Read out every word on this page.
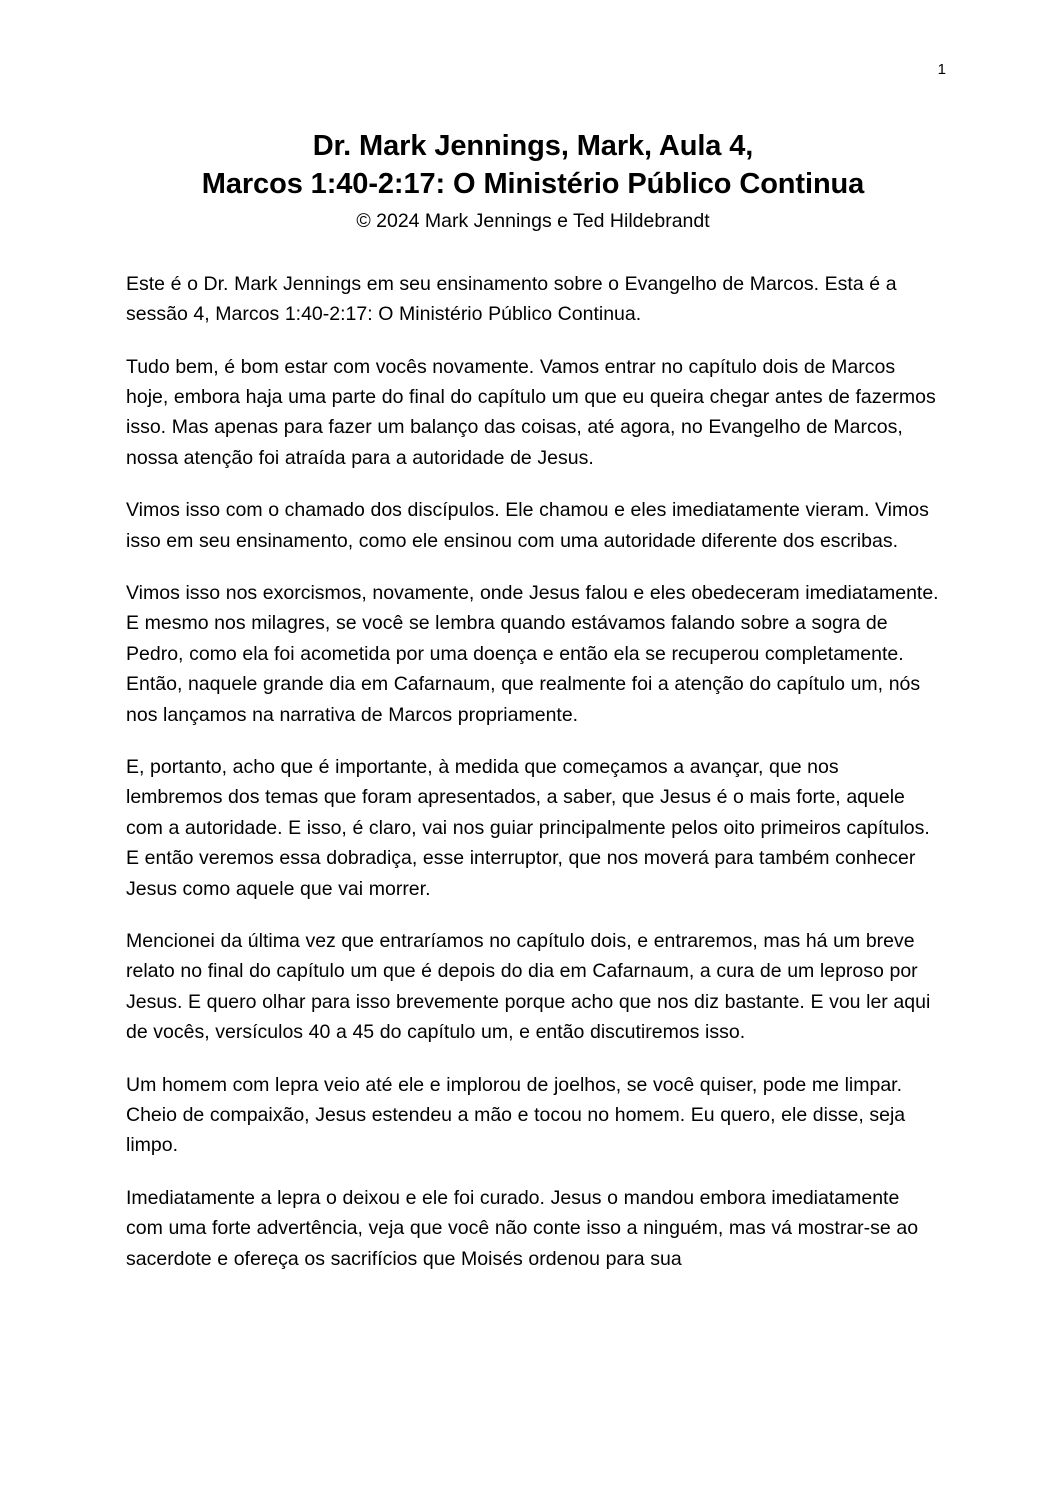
1
Dr. Mark Jennings, Mark, Aula 4,
Marcos 1:40-2:17: O Ministério Público Continua

© 2024 Mark Jennings e Ted Hildebrandt

Este é o Dr. Mark Jennings em seu ensinamento sobre o Evangelho de Marcos. Esta é a sessão 4, Marcos 1:40-2:17: O Ministério Público Continua.

Tudo bem, é bom estar com vocês novamente. Vamos entrar no capítulo dois de Marcos hoje, embora haja uma parte do final do capítulo um que eu queira chegar antes de fazermos isso. Mas apenas para fazer um balanço das coisas, até agora, no Evangelho de Marcos, nossa atenção foi atraída para a autoridade de Jesus.

Vimos isso com o chamado dos discípulos. Ele chamou e eles imediatamente vieram. Vimos isso em seu ensinamento, como ele ensinou com uma autoridade diferente dos escribas.

Vimos isso nos exorcismos, novamente, onde Jesus falou e eles obedeceram imediatamente. E mesmo nos milagres, se você se lembra quando estávamos falando sobre a sogra de Pedro, como ela foi acometida por uma doença e então ela se recuperou completamente. Então, naquele grande dia em Cafarnaum, que realmente foi a atenção do capítulo um, nós nos lançamos na narrativa de Marcos propriamente.

E, portanto, acho que é importante, à medida que começamos a avançar, que nos lembremos dos temas que foram apresentados, a saber, que Jesus é o mais forte, aquele com a autoridade. E isso, é claro, vai nos guiar principalmente pelos oito primeiros capítulos. E então veremos essa dobradiça, esse interruptor, que nos moverá para também conhecer Jesus como aquele que vai morrer.

Mencionei da última vez que entraríamos no capítulo dois, e entraremos, mas há um breve relato no final do capítulo um que é depois do dia em Cafarnaum, a cura de um leproso por Jesus. E quero olhar para isso brevemente porque acho que nos diz bastante. E vou ler aqui de vocês, versículos 40 a 45 do capítulo um, e então discutiremos isso.

Um homem com lepra veio até ele e implorou de joelhos, se você quiser, pode me limpar. Cheio de compaixão, Jesus estendeu a mão e tocou no homem. Eu quero, ele disse, seja limpo.

Imediatamente a lepra o deixou e ele foi curado. Jesus o mandou embora imediatamente com uma forte advertência, veja que você não conte isso a ninguém, mas vá mostrar-se ao sacerdote e ofereça os sacrifícios que Moisés ordenou para sua
